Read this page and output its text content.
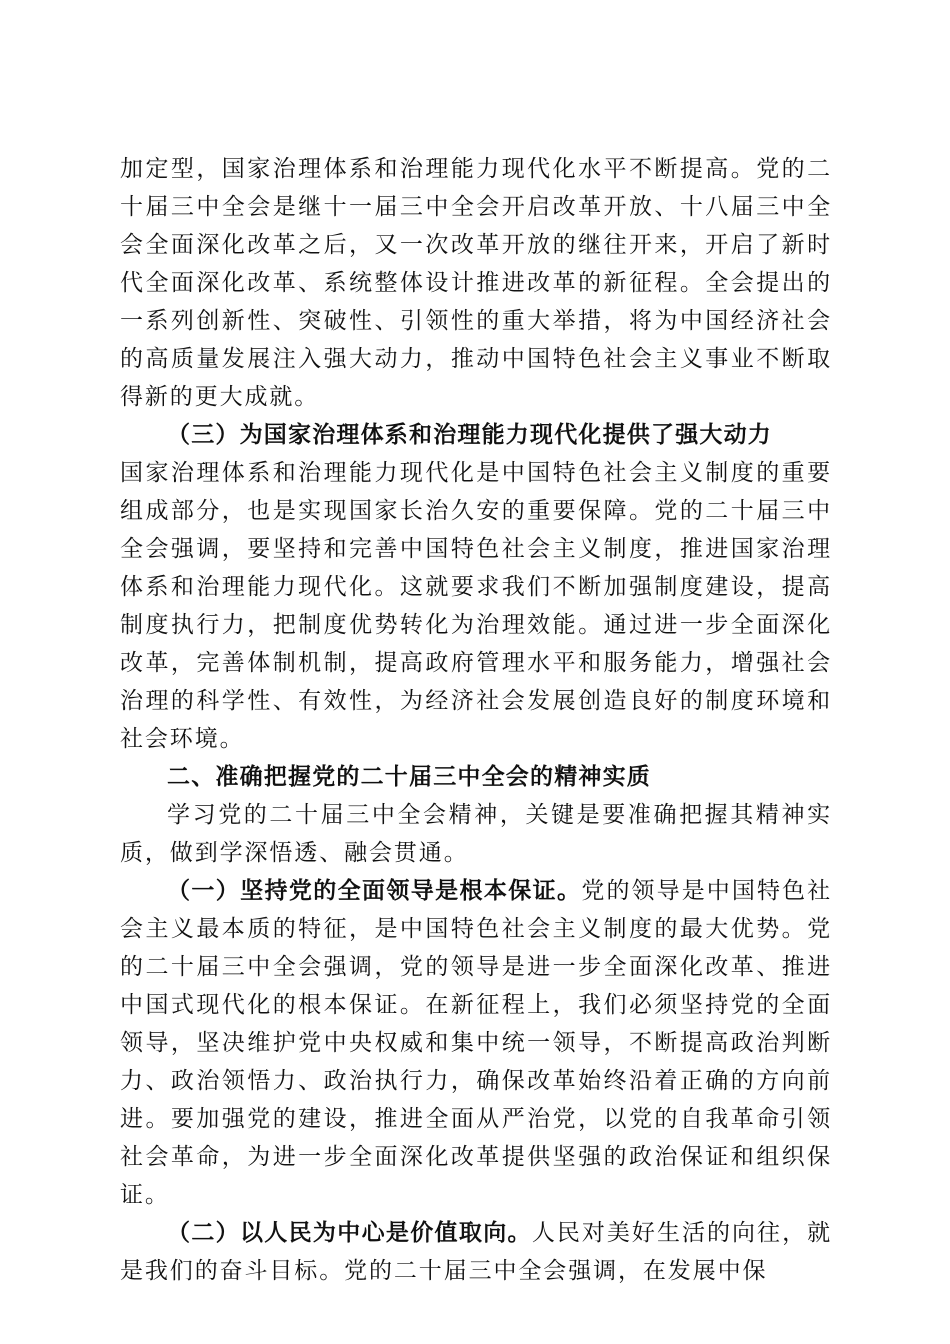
加定型，国家治理体系和治理能力现代化水平不断提高。党的二十届三中全会是继十一届三中全会开启改革开放、十八届三中全会全面深化改革之后，又一次改革开放的继往开来，开启了新时代全面深化改革、系统整体设计推进改革的新征程。全会提出的一系列创新性、突破性、引领性的重大举措，将为中国经济社会的高质量发展注入强大动力，推动中国特色社会主义事业不断取得新的更大成就。

（三）为国家治理体系和治理能力现代化提供了强大动力

国家治理体系和治理能力现代化是中国特色社会主义制度的重要组成部分，也是实现国家长治久安的重要保障。党的二十届三中全会强调，要坚持和完善中国特色社会主义制度，推进国家治理体系和治理能力现代化。这就要求我们不断加强制度建设，提高制度执行力，把制度优势转化为治理效能。通过进一步全面深化改革，完善体制机制，提高政府管理水平和服务能力，增强社会治理的科学性、有效性，为经济社会发展创造良好的制度环境和社会环境。

二、准确把握党的二十届三中全会的精神实质

学习党的二十届三中全会精神，关键是要准确把握其精神实质，做到学深悟透、融会贯通。

（一）坚持党的全面领导是根本保证。党的领导是中国特色社会主义最本质的特征，是中国特色社会主义制度的最大优势。党的二十届三中全会强调，党的领导是进一步全面深化改革、推进中国式现代化的根本保证。在新征程上，我们必须坚持党的全面领导，坚决维护党中央权威和集中统一领导，不断提高政治判断力、政治领悟力、政治执行力，确保改革始终沿着正确的方向前进。要加强党的建设，推进全面从严治党，以党的自我革命引领社会革命，为进一步全面深化改革提供坚强的政治保证和组织保证。

（二）以人民为中心是价值取向。人民对美好生活的向往，就是我们的奋斗目标。党的二十届三中全会强调，在发展中保
